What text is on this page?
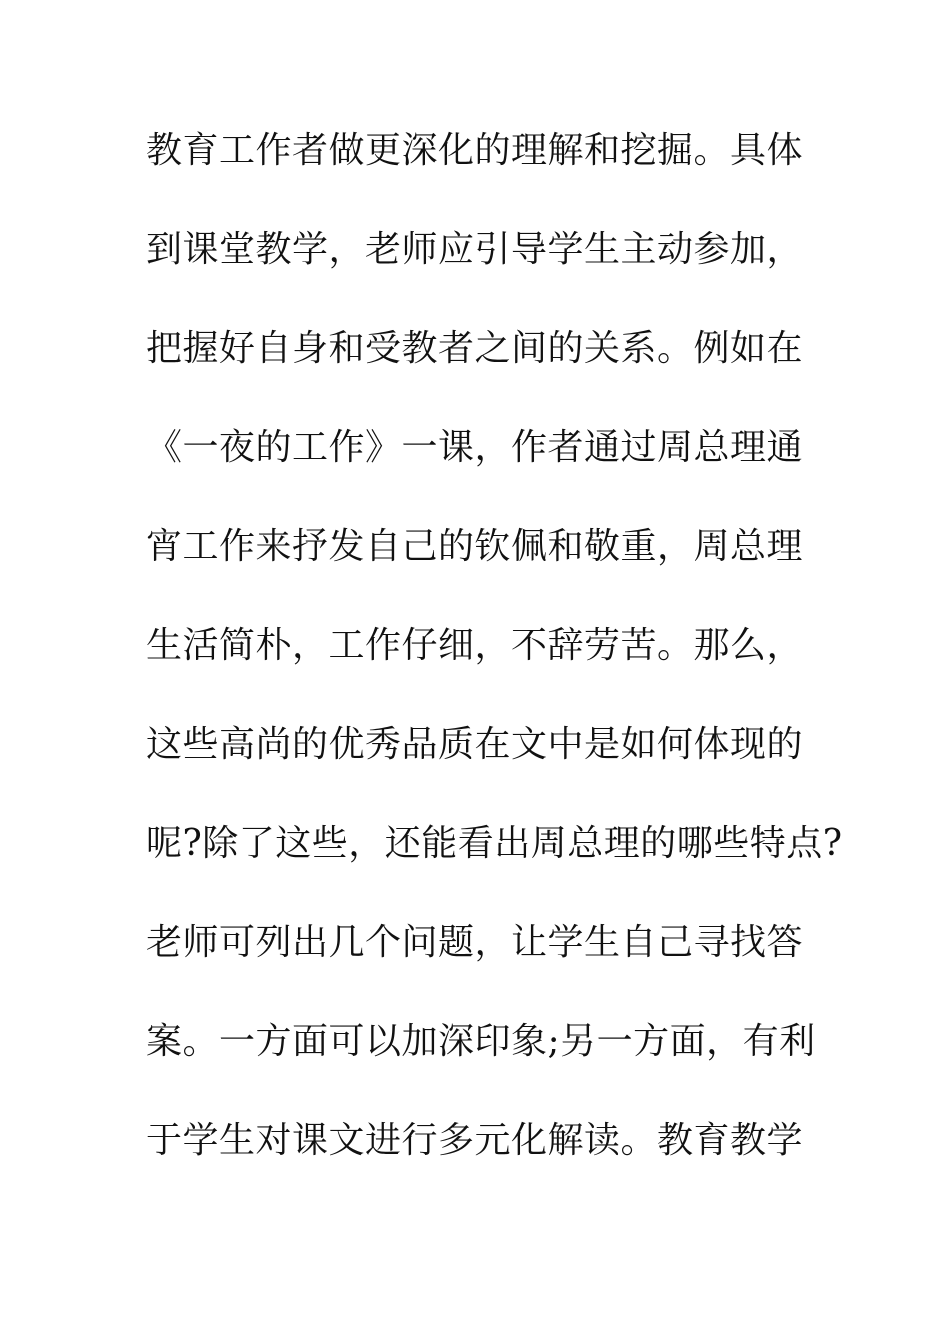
教育工作者做更深化的理解和挖掘。具体
到课堂教学，老师应引导学生主动参加，
把握好自身和受教者之间的关系。例如在
《一夜的工作》一课，作者通过周总理通
宵工作来抒发自己的钦佩和敬重，周总理
生活简朴，工作仔细，不辞劳苦。那么，
这些高尚的优秀品质在文中是如何体现的
呢?除了这些，还能看出周总理的哪些特点?
老师可列出几个问题，让学生自己寻找答
案。一方面可以加深印象;另一方面，有利
于学生对课文进行多元化解读。教育教学
